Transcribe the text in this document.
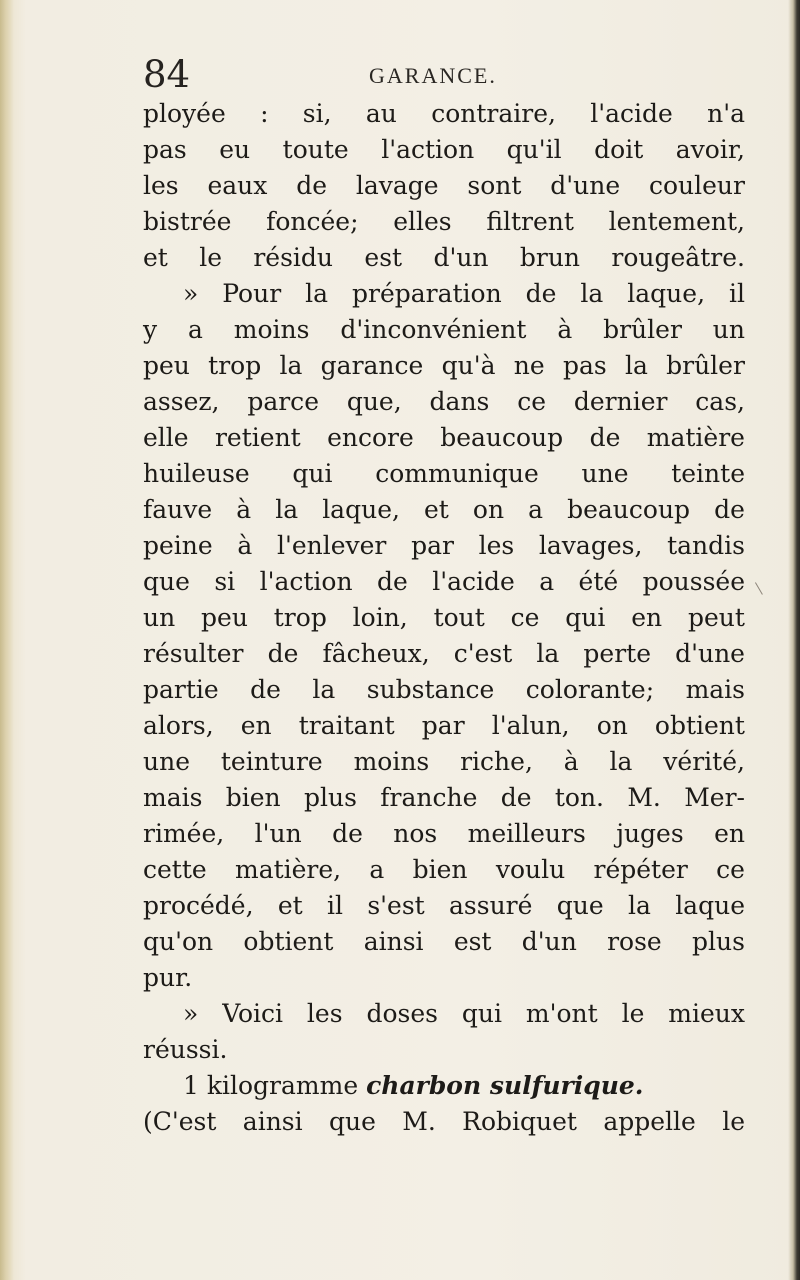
84	GARANCE.
ployée : si, au contraire, l'acide n'a
pas eu toute l'action qu'il doit avoir,
les eaux de lavage sont d'une couleur
bistrée foncée; elles filtrent lentement,
et le résidu est d'un brun rougeâtre.
» Pour la préparation de la laque, il
y a moins d'inconvénient à brûler un
peu trop la garance qu'à ne pas la brûler
assez, parce que, dans ce dernier cas,
elle retient encore beaucoup de matière
huileuse qui communique une teinte
fauve à la laque, et on a beaucoup de
peine à l'enlever par les lavages, tandis
que si l'action de l'acide a été poussée
un peu trop loin, tout ce qui en peut
résulter de fâcheux, c'est la perte d'une
partie de la substance colorante; mais
alors, en traitant par l'alun, on obtient
une teinture moins riche, à la vérité,
mais bien plus franche de ton. M. Mer-
rimée, l'un de nos meilleurs juges en
cette matière, a bien voulu répéter ce
procédé, et il s'est assuré que la laque
qu'on obtient ainsi est d'un rose plus
pur.
» Voici les doses qui m'ont le mieux
réussi.
1 kilogramme charbon sulfurique.
(C'est ainsi que M. Robiquet appelle le
